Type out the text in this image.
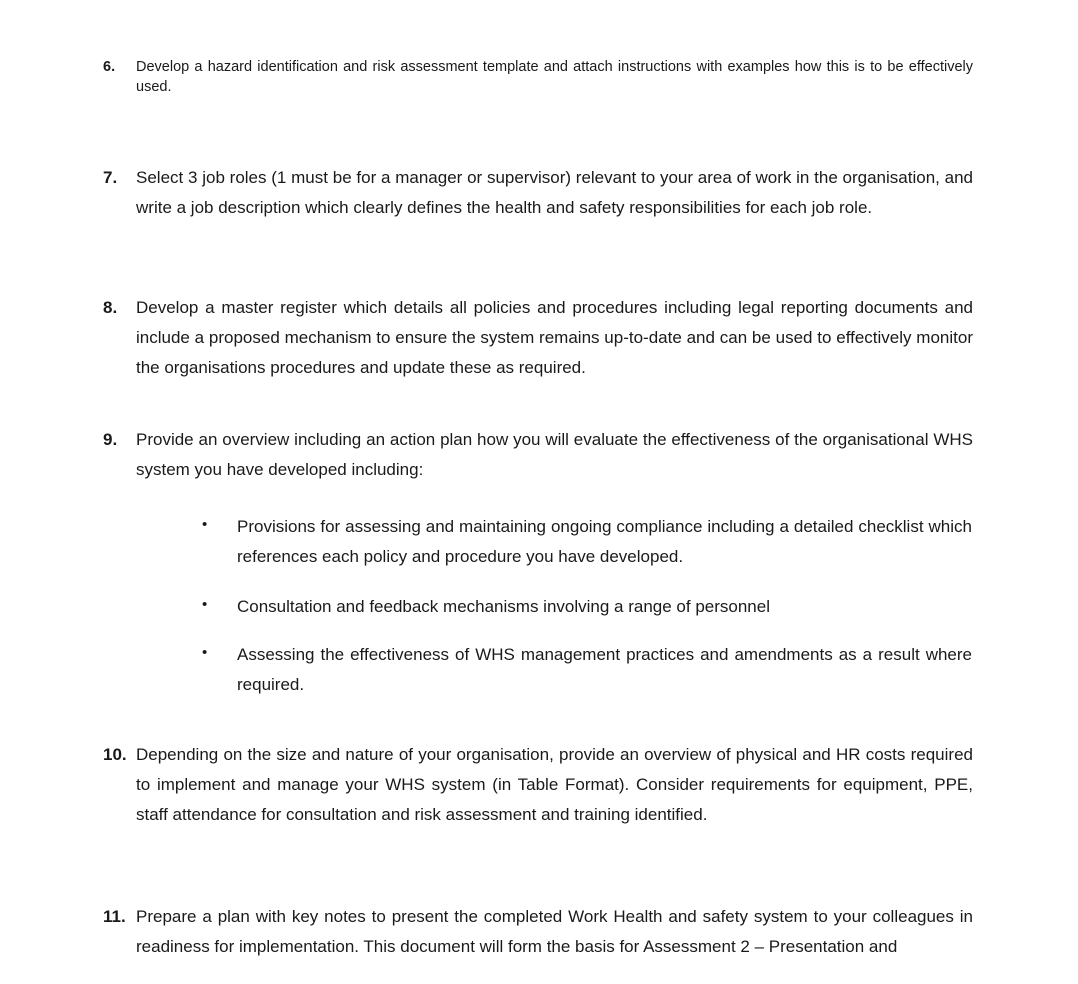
6. Develop a hazard identification and risk assessment template and attach instructions with examples how this is to be effectively used.
7. Select 3 job roles (1 must be for a manager or supervisor) relevant to your area of work in the organisation, and write a job description which clearly defines the health and safety responsibilities for each job role.
8. Develop a master register which details all policies and procedures including legal reporting documents and include a proposed mechanism to ensure the system remains up-to-date and can be used to effectively monitor the organisations procedures and update these as required.
9. Provide an overview including an action plan how you will evaluate the effectiveness of the organisational WHS system you have developed including:

• Provisions for assessing and maintaining ongoing compliance including a detailed checklist which references each policy and procedure you have developed.

• Consultation and feedback mechanisms involving a range of personnel

• Assessing the effectiveness of WHS management practices and amendments as a result where required.

10. Depending on the size and nature of your organisation, provide an overview of physical and HR costs required to implement and manage your WHS system (in Table Format). Consider requirements for equipment, PPE, staff attendance for consultation and risk assessment and training identified.
11. Prepare a plan with key notes to present the completed Work Health and safety system to your colleagues in readiness for implementation. This document will form the basis for Assessment 2 – Presentation and
